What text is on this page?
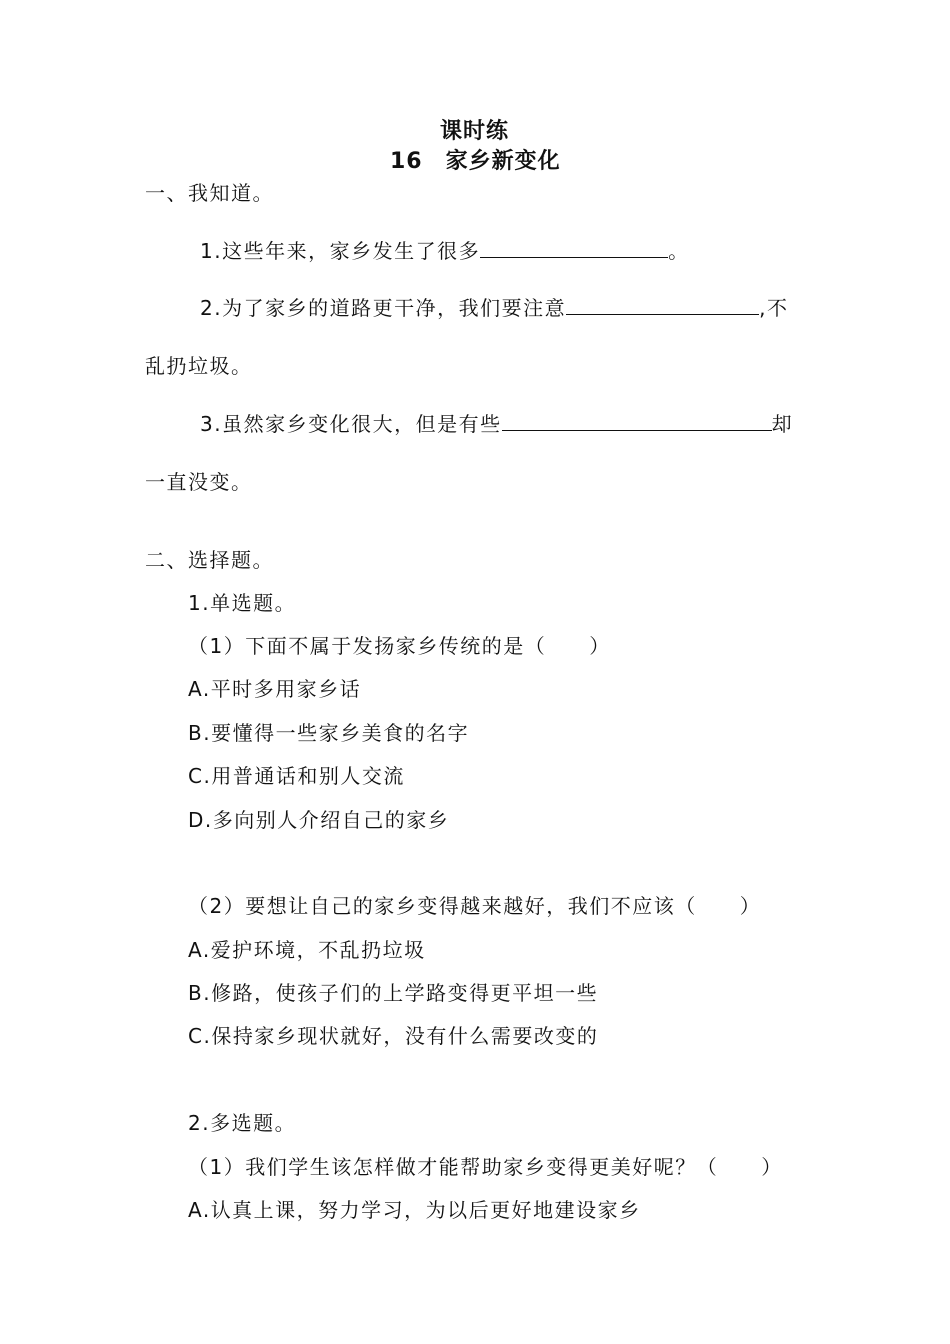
课时练
16　家乡新变化
一、我知道。
1.这些年来，家乡发生了很多	。
2.为了家乡的道路更干净，我们要注意	,不
乱扔垃圾。
3.虽然家乡变化很大，但是有些	却
一直没变。
二、选择题。
1.单选题。
（1）下面不属于发扬家乡传统的是（　　）
A.平时多用家乡话
B.要懂得一些家乡美食的名字
C.用普通话和别人交流
D.多向别人介绍自己的家乡
（2）要想让自己的家乡变得越来越好，我们不应该（　　）
A.爱护环境，不乱扔垃圾
B.修路，使孩子们的上学路变得更平坦一些
C.保持家乡现状就好，没有什么需要改变的
2.多选题。
（1）我们学生该怎样做才能帮助家乡变得更美好呢？（　　）
A.认真上课，努力学习，为以后更好地建设家乡
